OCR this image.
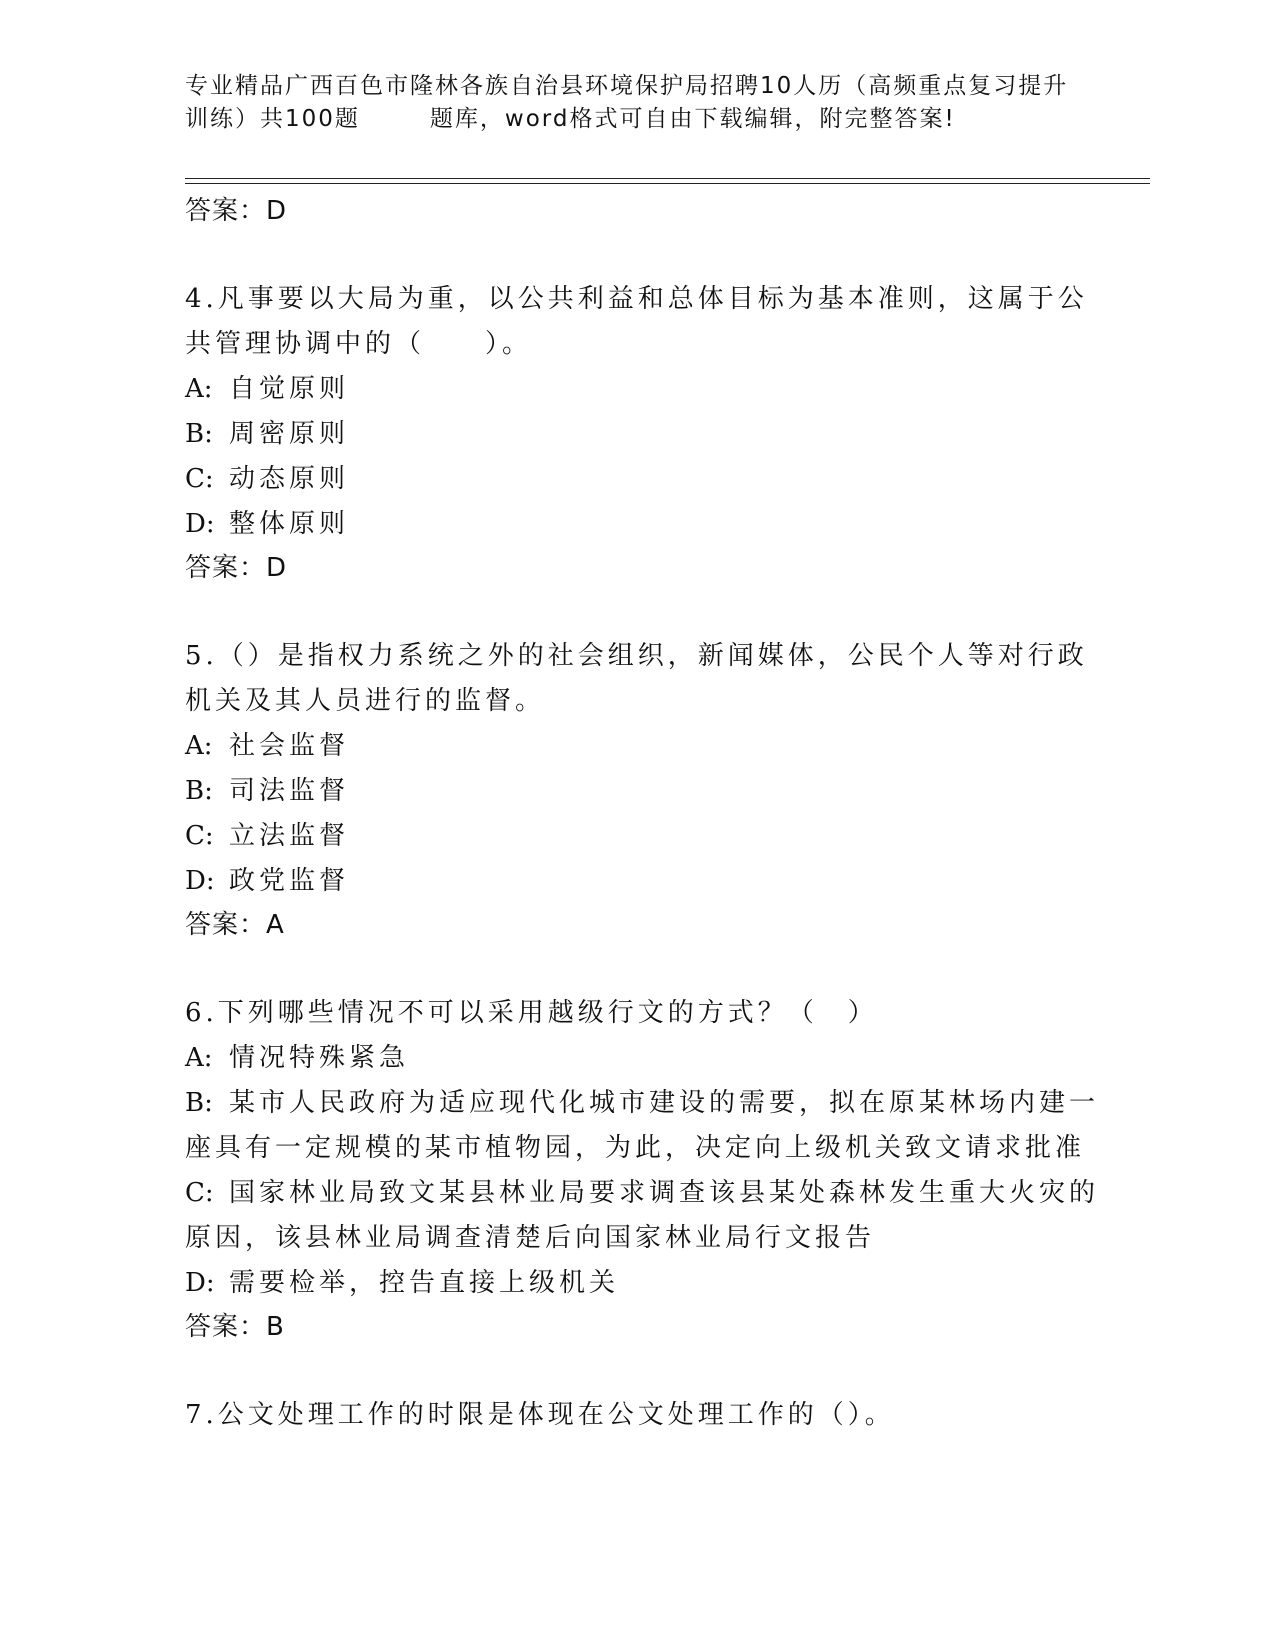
专业精品广西百色市隆林各族自治县环境保护局招聘10人历（高频重点复习提升
训练）共100题	题库，word格式可自由下载编辑，附完整答案!
答案：D
4.凡事要以大局为重，以公共利益和总体目标为基本准则，这属于公
共管理协调中的（　　）。
A: 自觉原则
B: 周密原则
C: 动态原则
D: 整体原则
答案：D
5.（）是指权力系统之外的社会组织，新闻媒体，公民个人等对行政
机关及其人员进行的监督。
A: 社会监督
B: 司法监督
C: 立法监督
D: 政党监督
答案：A
6.下列哪些情况不可以采用越级行文的方式？（　）
A: 情况特殊紧急
B: 某市人民政府为适应现代化城市建设的需要，拟在原某林场内建一
座具有一定规模的某市植物园，为此，决定向上级机关致文请求批准
C: 国家林业局致文某县林业局要求调查该县某处森林发生重大火灾的
原因，该县林业局调查清楚后向国家林业局行文报告
D: 需要检举，控告直接上级机关
答案：B
7.公文处理工作的时限是体现在公文处理工作的（）。
